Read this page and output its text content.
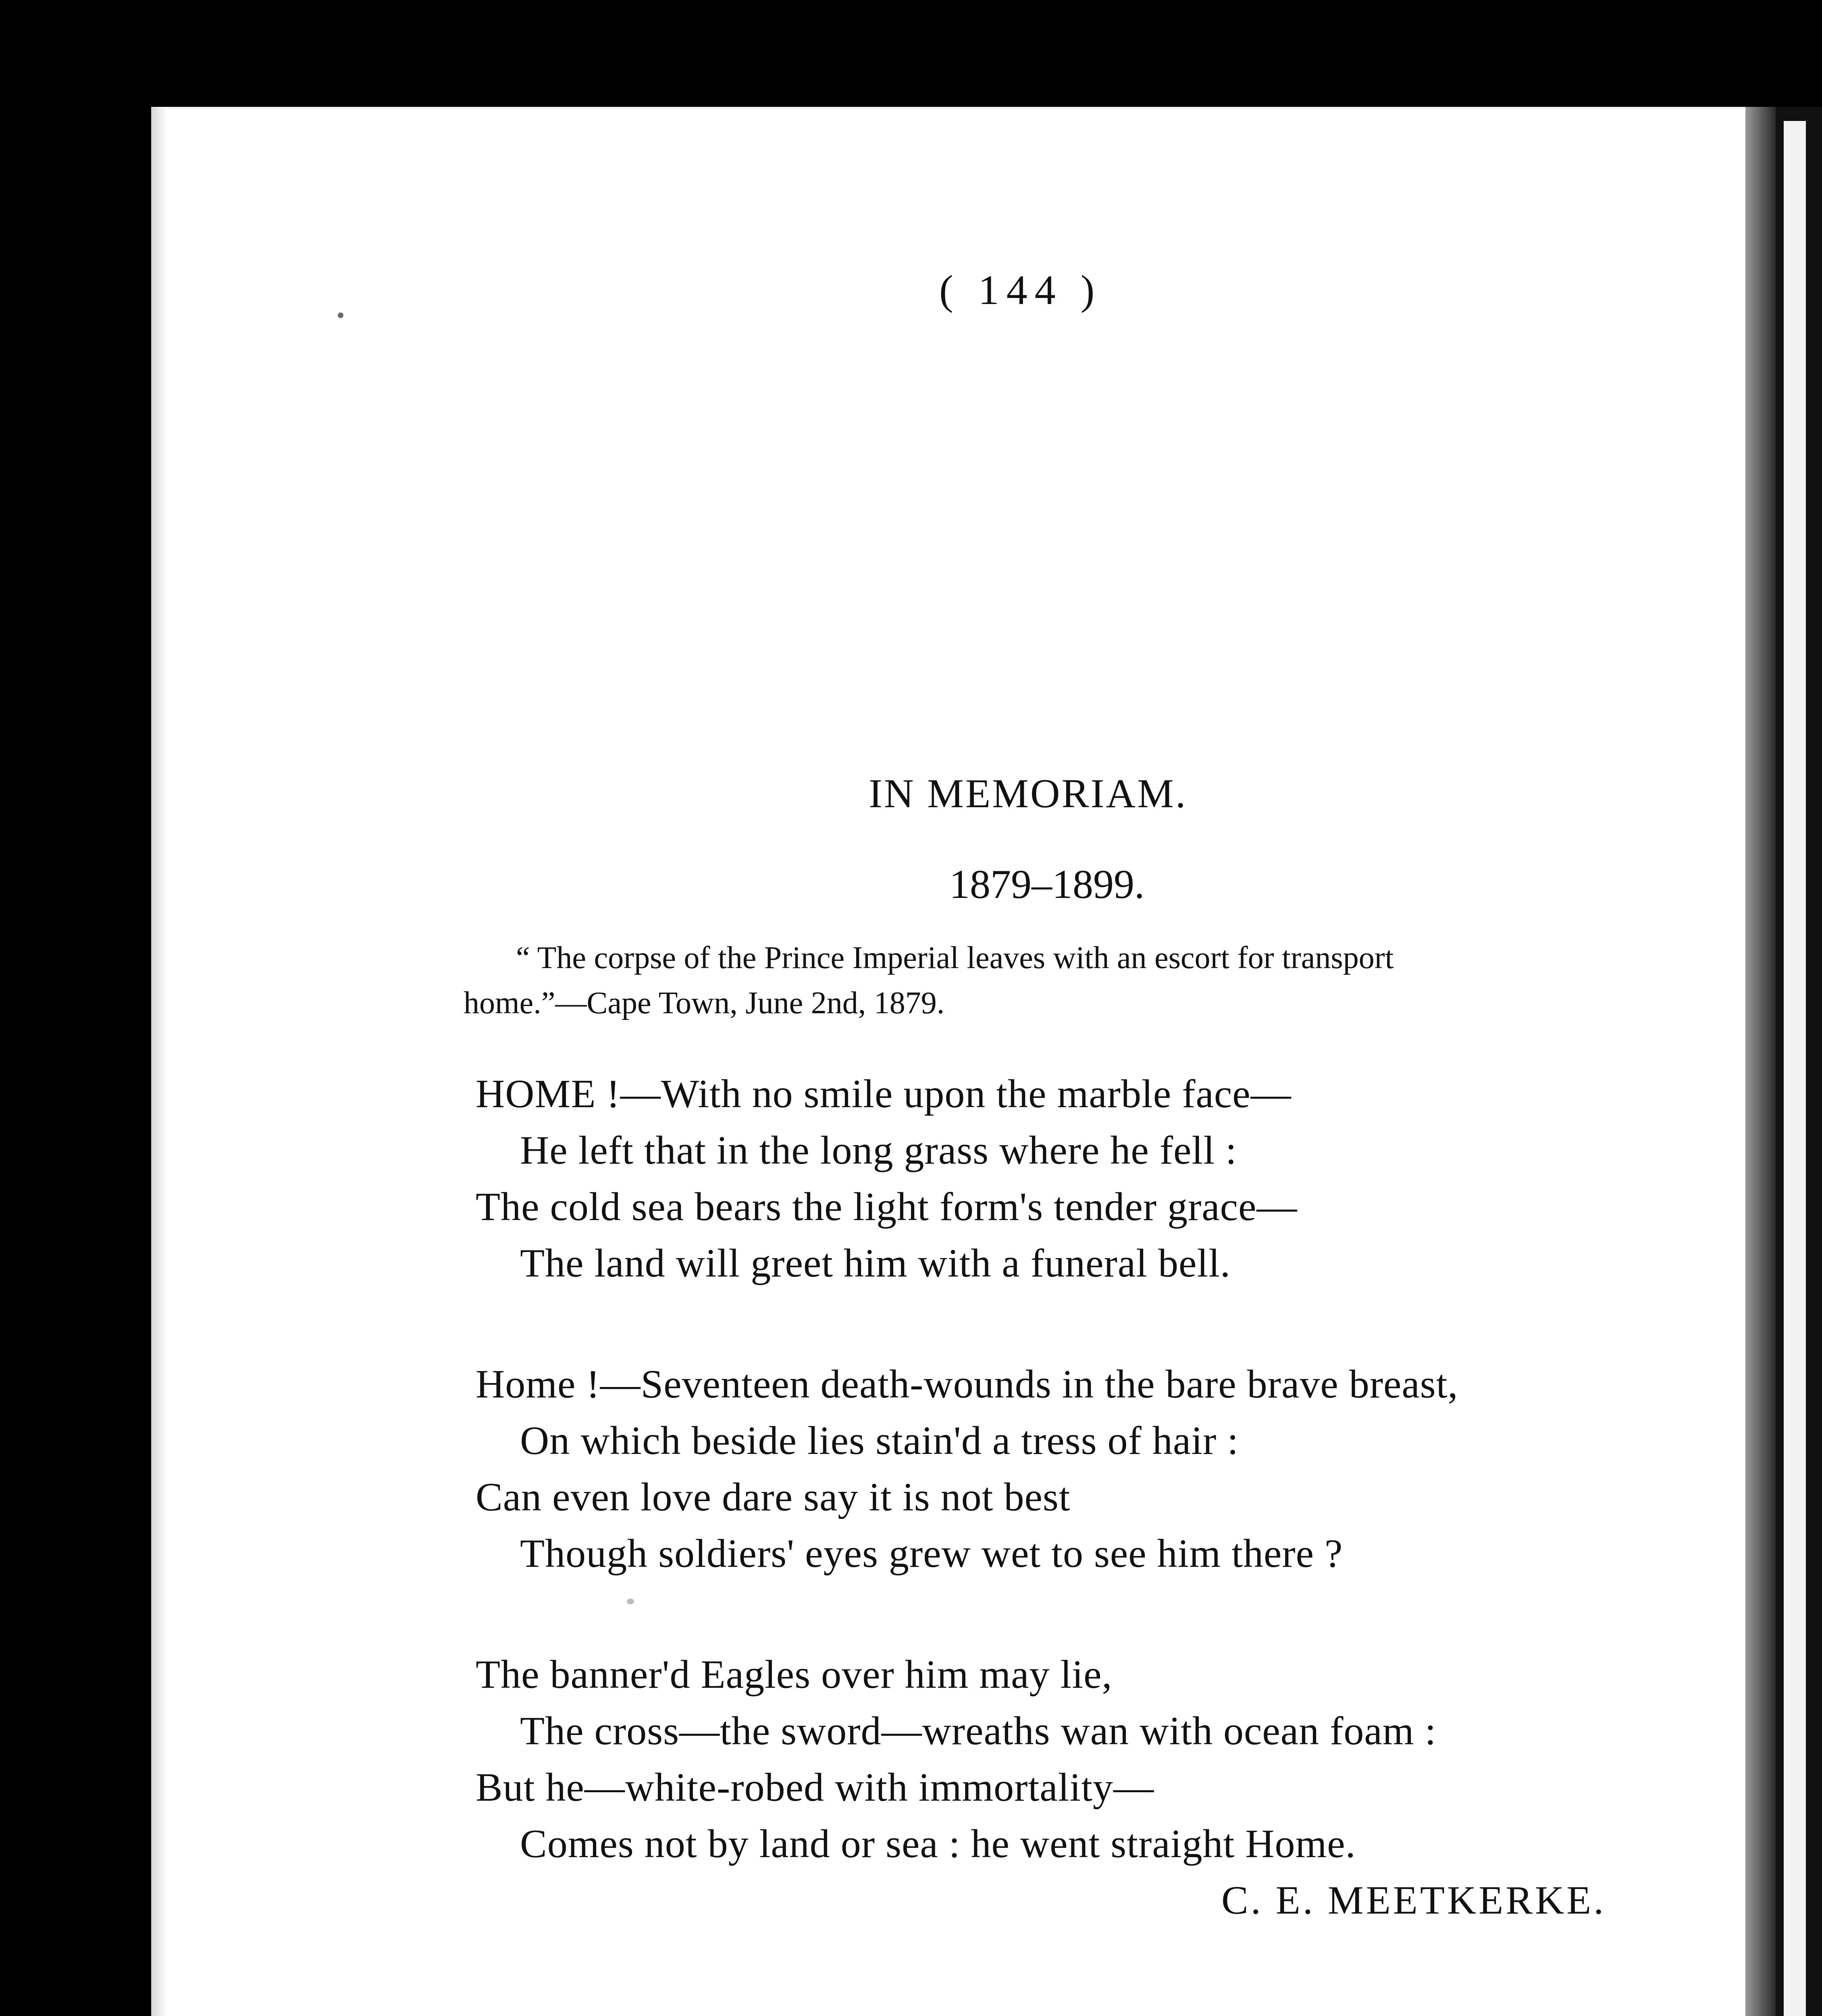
( 144 )

IN MEMORIAM.

1879–1899.

“ The corpse of the Prince Imperial leaves with an escort for transport

home.”—Cape Town, June 2nd, 1879.

HOME !—With no smile upon the marble face—

He left that in the long grass where he fell :

The cold sea bears the light form's tender grace—

The land will greet him with a funeral bell.

Home !—Seventeen death-wounds in the bare brave breast,

On which beside lies stain'd a tress of hair :

Can even love dare say it is not best

Though soldiers' eyes grew wet to see him there ?

The banner'd Eagles over him may lie,

The cross—the sword—wreaths wan with ocean foam :

But he—white-robed with immortality—

Comes not by land or sea : he went straight Home.

C. E. MEETKERKE.
